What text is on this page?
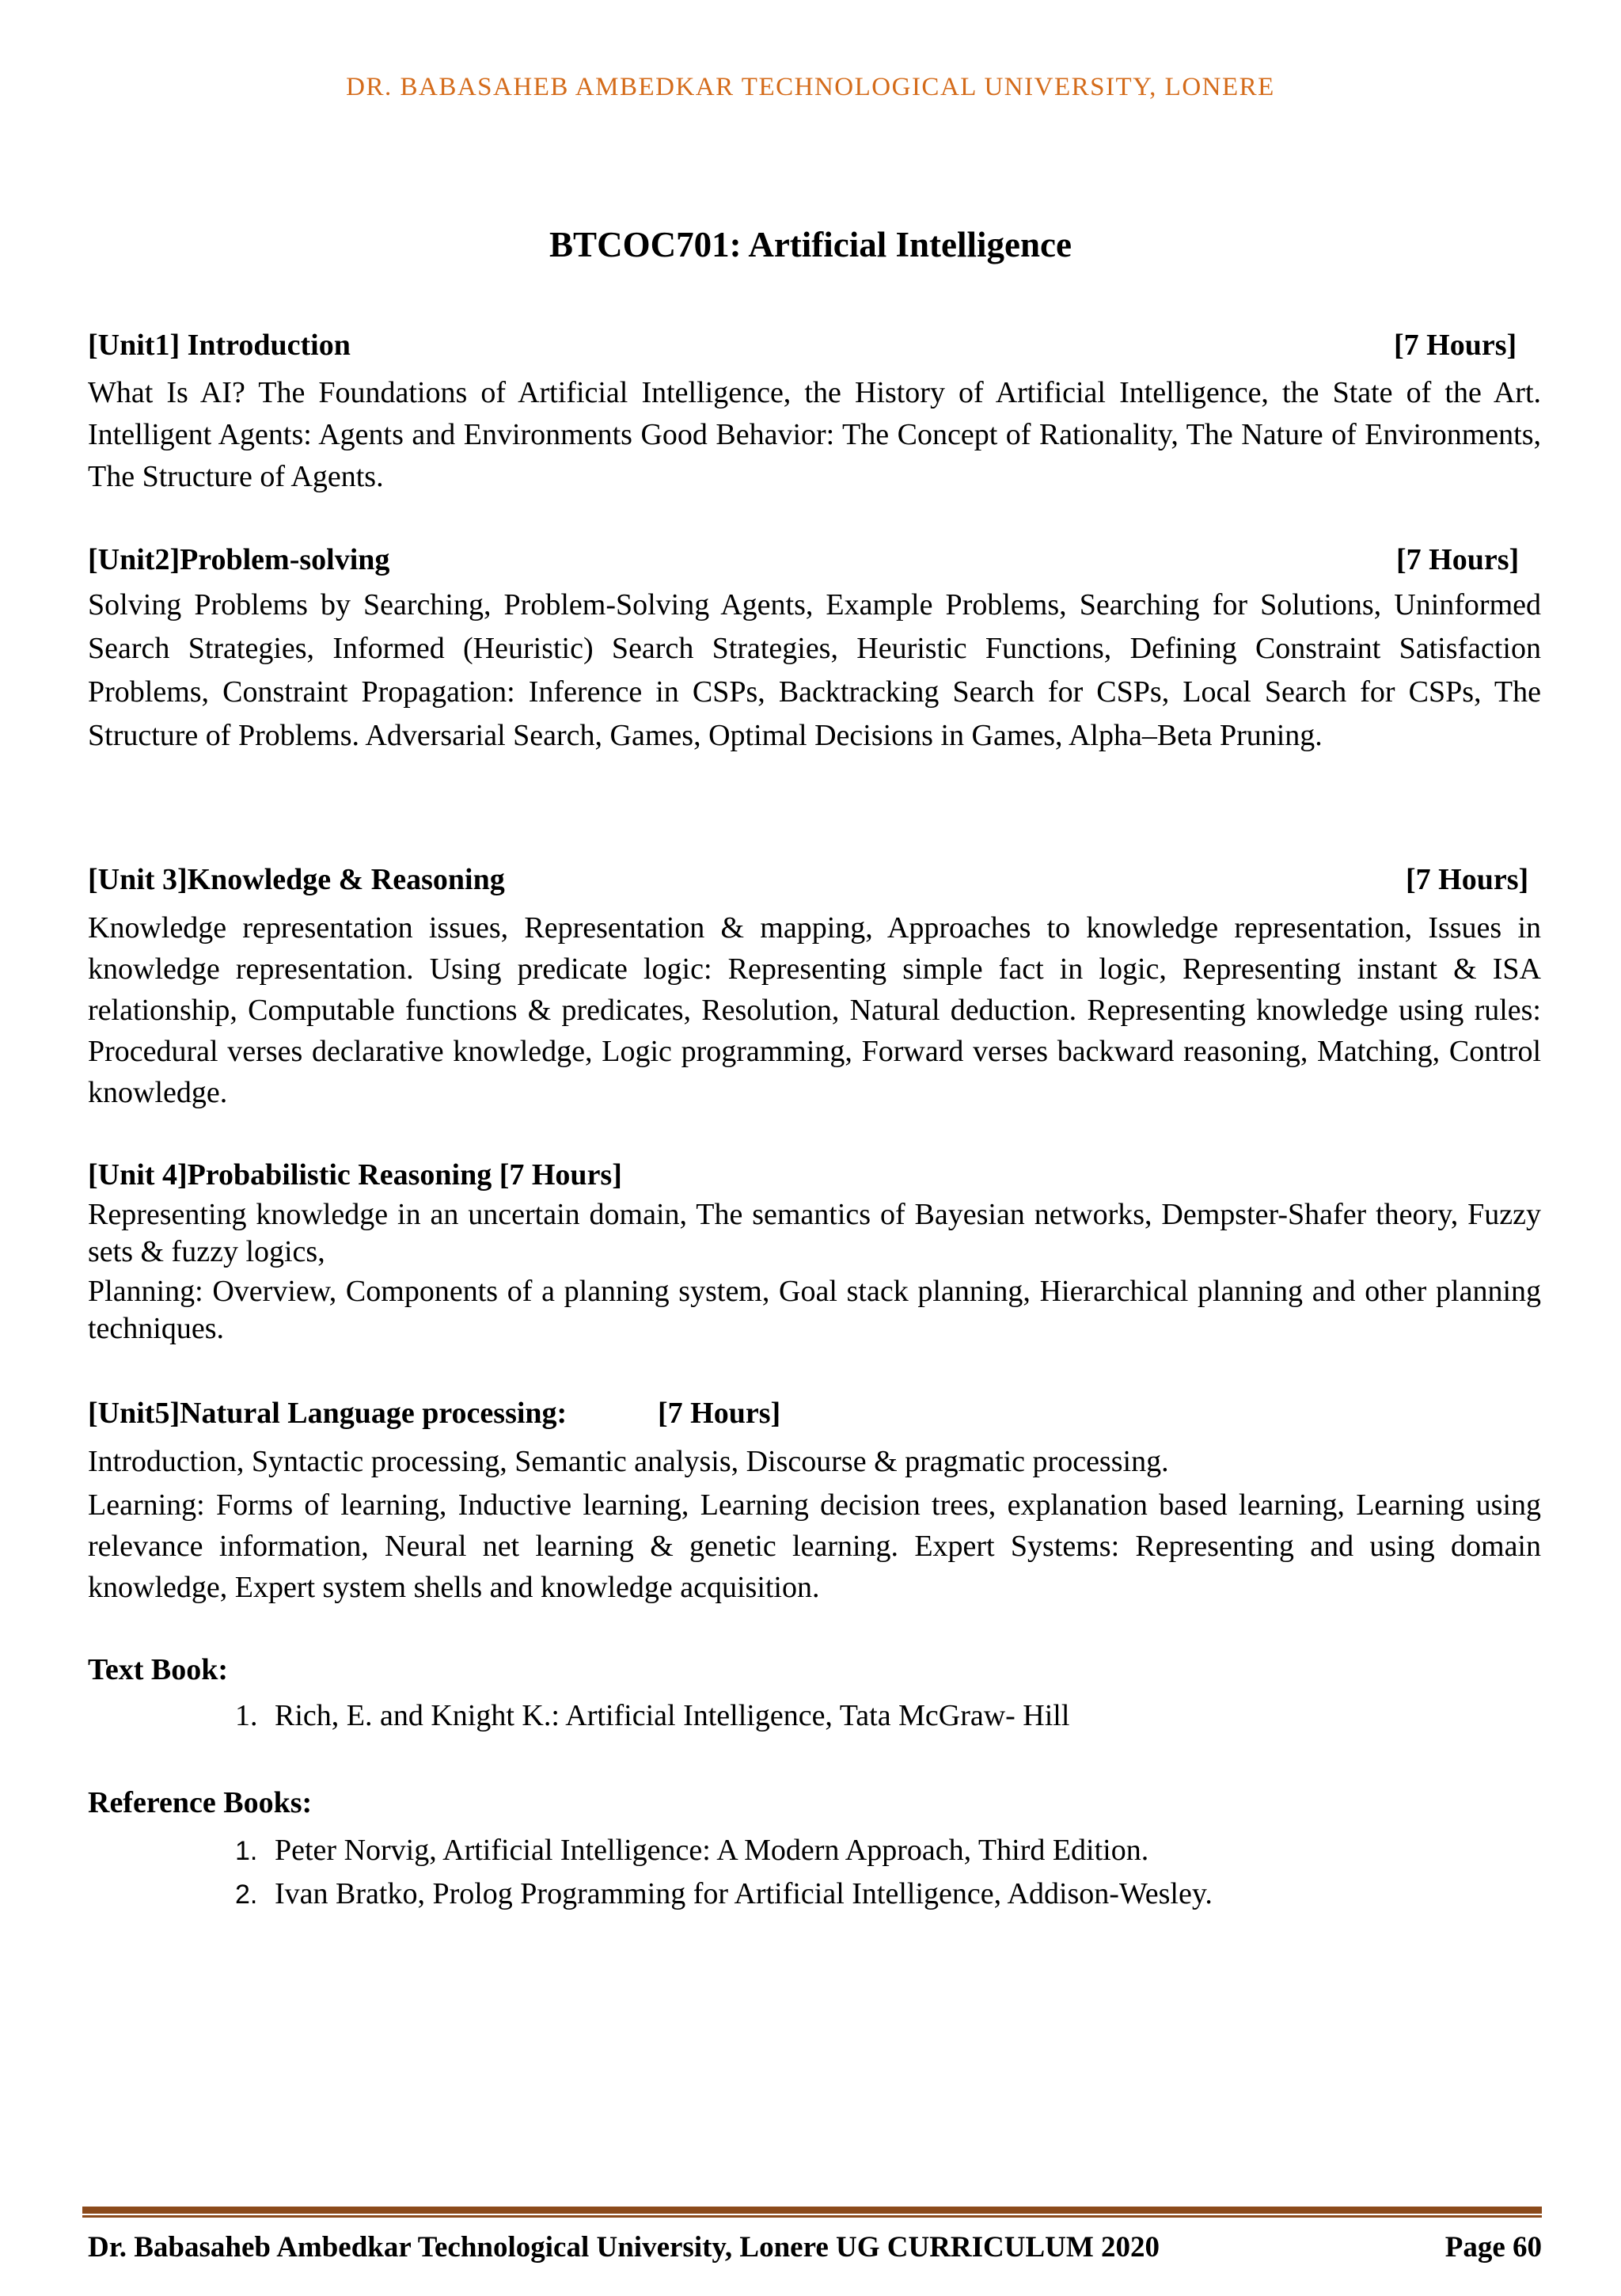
DR. BABASAHEB AMBEDKAR TECHNOLOGICAL UNIVERSITY, LONERE
BTCOC701: Artificial Intelligence
[Unit1] Introduction	[7 Hours]
What Is AI? The Foundations of Artificial Intelligence, the History of Artificial Intelligence, the State of the Art. Intelligent Agents: Agents and Environments Good Behavior: The Concept of Rationality, The Nature of Environments, The Structure of Agents.
[Unit2]Problem-solving	[7 Hours]
Solving Problems by Searching, Problem-Solving Agents, Example Problems, Searching for Solutions, Uninformed Search Strategies, Informed (Heuristic) Search Strategies, Heuristic Functions, Defining Constraint Satisfaction Problems, Constraint Propagation: Inference in CSPs, Backtracking Search for CSPs, Local Search for CSPs, The Structure of Problems. Adversarial Search, Games, Optimal Decisions in Games, Alpha–Beta Pruning.
[Unit 3]Knowledge & Reasoning	[7 Hours]
Knowledge representation issues, Representation & mapping, Approaches to knowledge representation, Issues in knowledge representation. Using predicate logic: Representing simple fact in logic, Representing instant & ISA relationship, Computable functions & predicates, Resolution, Natural deduction. Representing knowledge using rules: Procedural verses declarative knowledge, Logic programming, Forward verses backward reasoning, Matching, Control knowledge.
[Unit 4]Probabilistic Reasoning [7 Hours]
Representing knowledge in an uncertain domain, The semantics of Bayesian networks, Dempster-Shafer theory, Fuzzy sets & fuzzy logics,
Planning: Overview, Components of a planning system, Goal stack planning, Hierarchical planning and other planning techniques.
[Unit5]Natural Language processing:	[7 Hours]
Introduction, Syntactic processing, Semantic analysis, Discourse & pragmatic processing.
Learning: Forms of learning, Inductive learning, Learning decision trees, explanation based learning, Learning using relevance information, Neural net learning & genetic learning. Expert Systems: Representing and using domain knowledge, Expert system shells and knowledge acquisition.
Text Book:
1. Rich, E. and Knight K.: Artificial Intelligence, Tata McGraw- Hill
Reference Books:
1. Peter Norvig, Artificial Intelligence: A Modern Approach, Third Edition.
2. Ivan Bratko, Prolog Programming for Artificial Intelligence, Addison-Wesley.
Dr. Babasaheb Ambedkar Technological University, Lonere UG CURRICULUM 2020	Page 60
